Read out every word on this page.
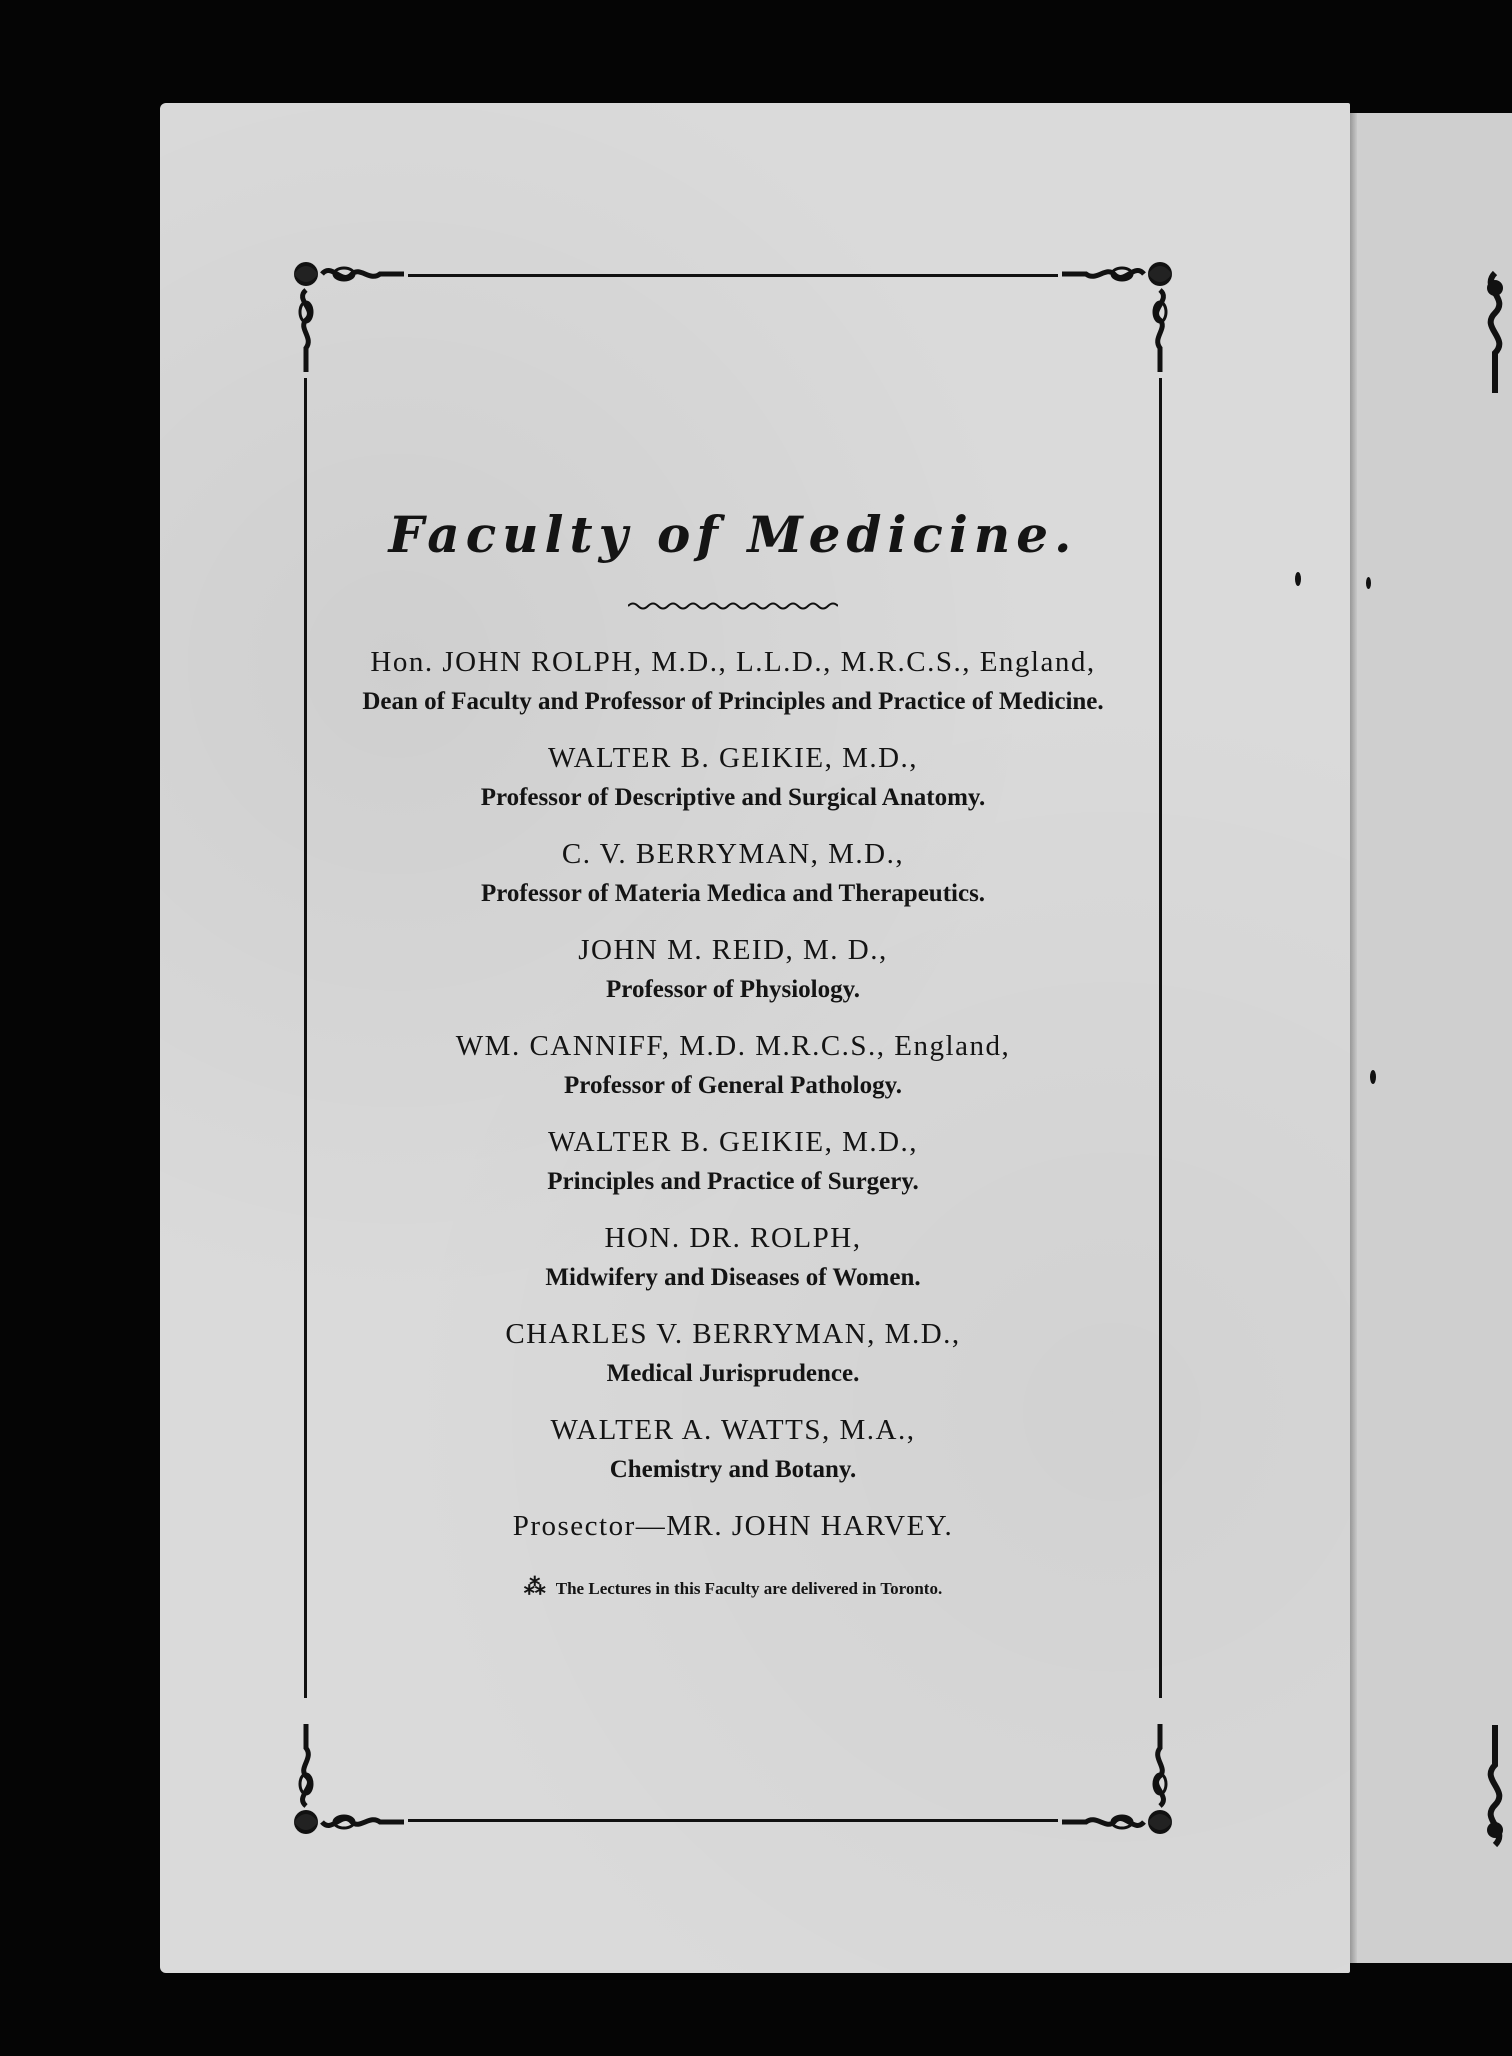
Faculty of Medicine.
Hon. JOHN ROLPH, M.D., L.L.D., M.R.C.S., England,
Dean of Faculty and Professor of Principles and Practice of Medicine.
WALTER B. GEIKIE, M.D.,
Professor of Descriptive and Surgical Anatomy.
C. V. BERRYMAN, M.D.,
Professor of Materia Medica and Therapeutics.
JOHN M. REID, M. D.,
Professor of Physiology.
WM. CANNIFF, M.D. M.R.C.S., England,
Professor of General Pathology.
WALTER B. GEIKIE, M.D.,
Principles and Practice of Surgery.
HON. DR. ROLPH,
Midwifery and Diseases of Women.
CHARLES V. BERRYMAN, M.D.,
Medical Jurisprudence.
WALTER A. WATTS, M.A.,
Chemistry and Botany.
Prosector—MR. JOHN HARVEY.
⁂ The Lectures in this Faculty are delivered in Toronto.
